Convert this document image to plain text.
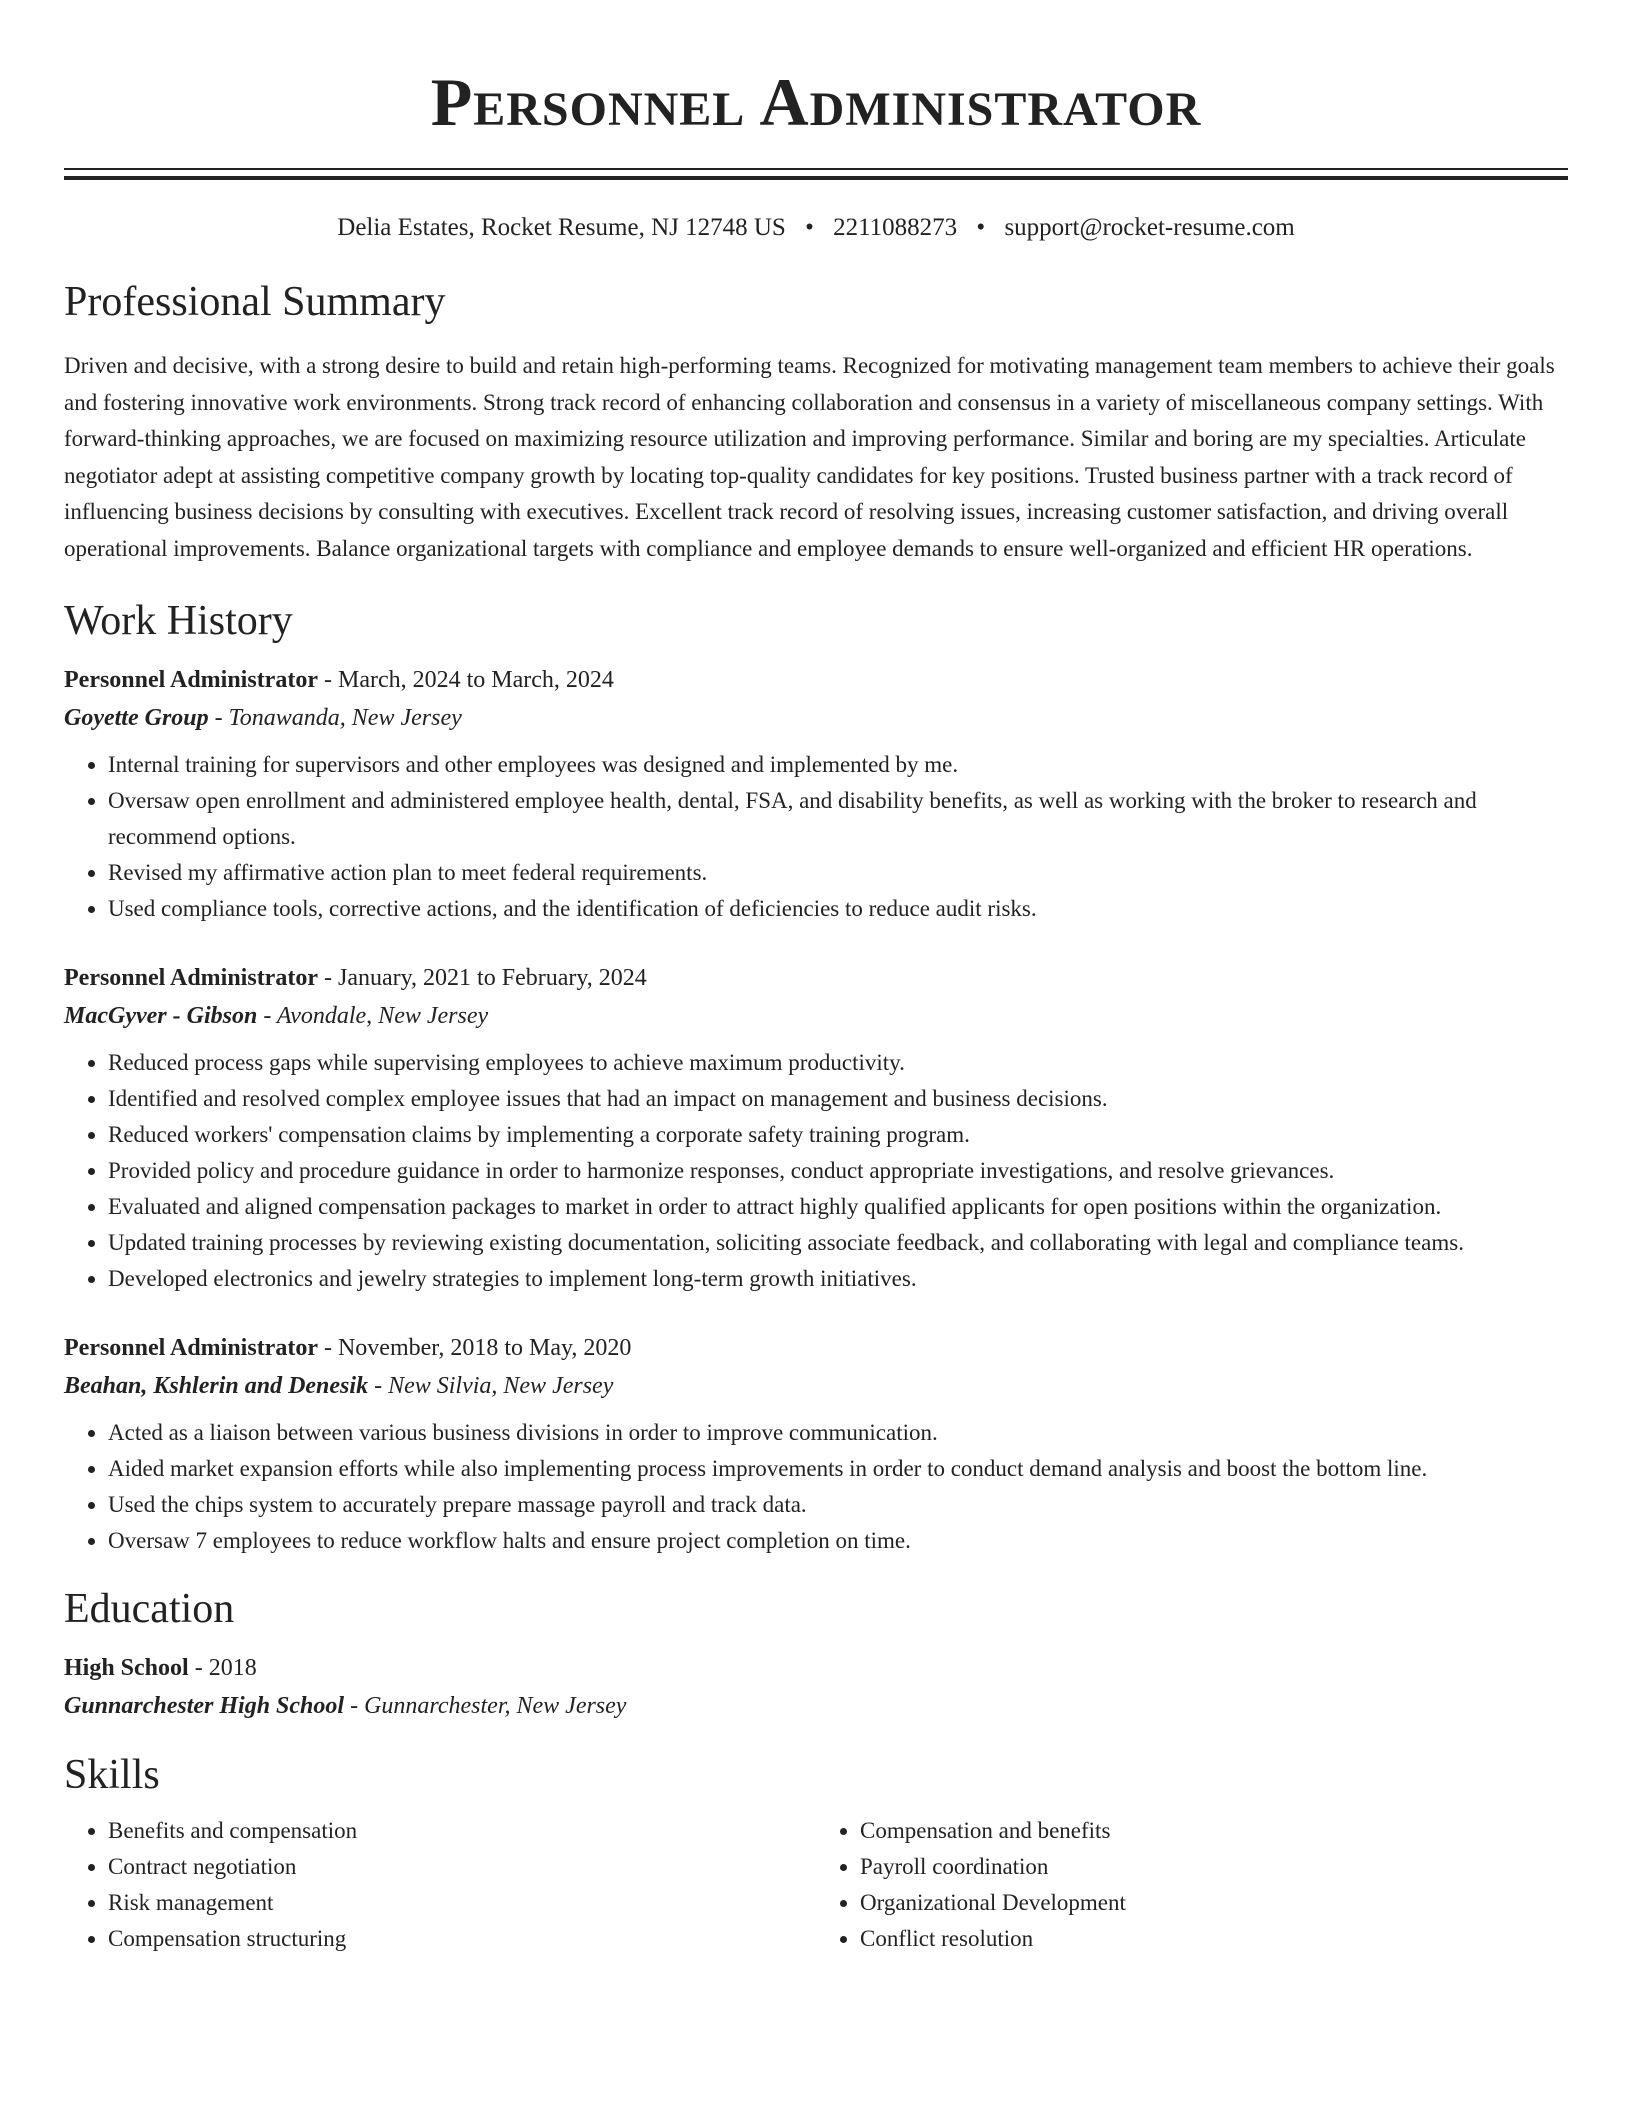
Personnel Administrator
Delia Estates, Rocket Resume, NJ 12748 US • 2211088273 • support@rocket-resume.com
Professional Summary

Driven and decisive, with a strong desire to build and retain high-performing teams. Recognized for motivating management team members to achieve their goals and fostering innovative work environments. Strong track record of enhancing collaboration and consensus in a variety of miscellaneous company settings. With forward-thinking approaches, we are focused on maximizing resource utilization and improving performance. Similar and boring are my specialties. Articulate negotiator adept at assisting competitive company growth by locating top-quality candidates for key positions. Trusted business partner with a track record of influencing business decisions by consulting with executives. Excellent track record of resolving issues, increasing customer satisfaction, and driving overall operational improvements. Balance organizational targets with compliance and employee demands to ensure well-organized and efficient HR operations.

Work History
Personnel Administrator - March, 2024 to March, 2024
Goyette Group - Tonawanda, New Jersey
• Internal training for supervisors and other employees was designed and implemented by me.
• Oversaw open enrollment and administered employee health, dental, FSA, and disability benefits, as well as working with the broker to research and recommend options.
• Revised my affirmative action plan to meet federal requirements.
• Used compliance tools, corrective actions, and the identification of deficiencies to reduce audit risks.
Personnel Administrator - January, 2021 to February, 2024
MacGyver - Gibson - Avondale, New Jersey
• Reduced process gaps while supervising employees to achieve maximum productivity.
• Identified and resolved complex employee issues that had an impact on management and business decisions.
• Reduced workers' compensation claims by implementing a corporate safety training program.
• Provided policy and procedure guidance in order to harmonize responses, conduct appropriate investigations, and resolve grievances.
• Evaluated and aligned compensation packages to market in order to attract highly qualified applicants for open positions within the organization.
• Updated training processes by reviewing existing documentation, soliciting associate feedback, and collaborating with legal and compliance teams.
• Developed electronics and jewelry strategies to implement long-term growth initiatives.
Personnel Administrator - November, 2018 to May, 2020
Beahan, Kshlerin and Denesik - New Silvia, New Jersey
• Acted as a liaison between various business divisions in order to improve communication.
• Aided market expansion efforts while also implementing process improvements in order to conduct demand analysis and boost the bottom line.
• Used the chips system to accurately prepare massage payroll and track data.
• Oversaw 7 employees to reduce workflow halts and ensure project completion on time.
Education
High School - 2018
Gunnarchester High School - Gunnarchester, New Jersey
Skills
• Benefits and compensation
• Contract negotiation
• Risk management
• Compensation structuring
• Compensation and benefits
• Payroll coordination
• Organizational Development
• Conflict resolution
